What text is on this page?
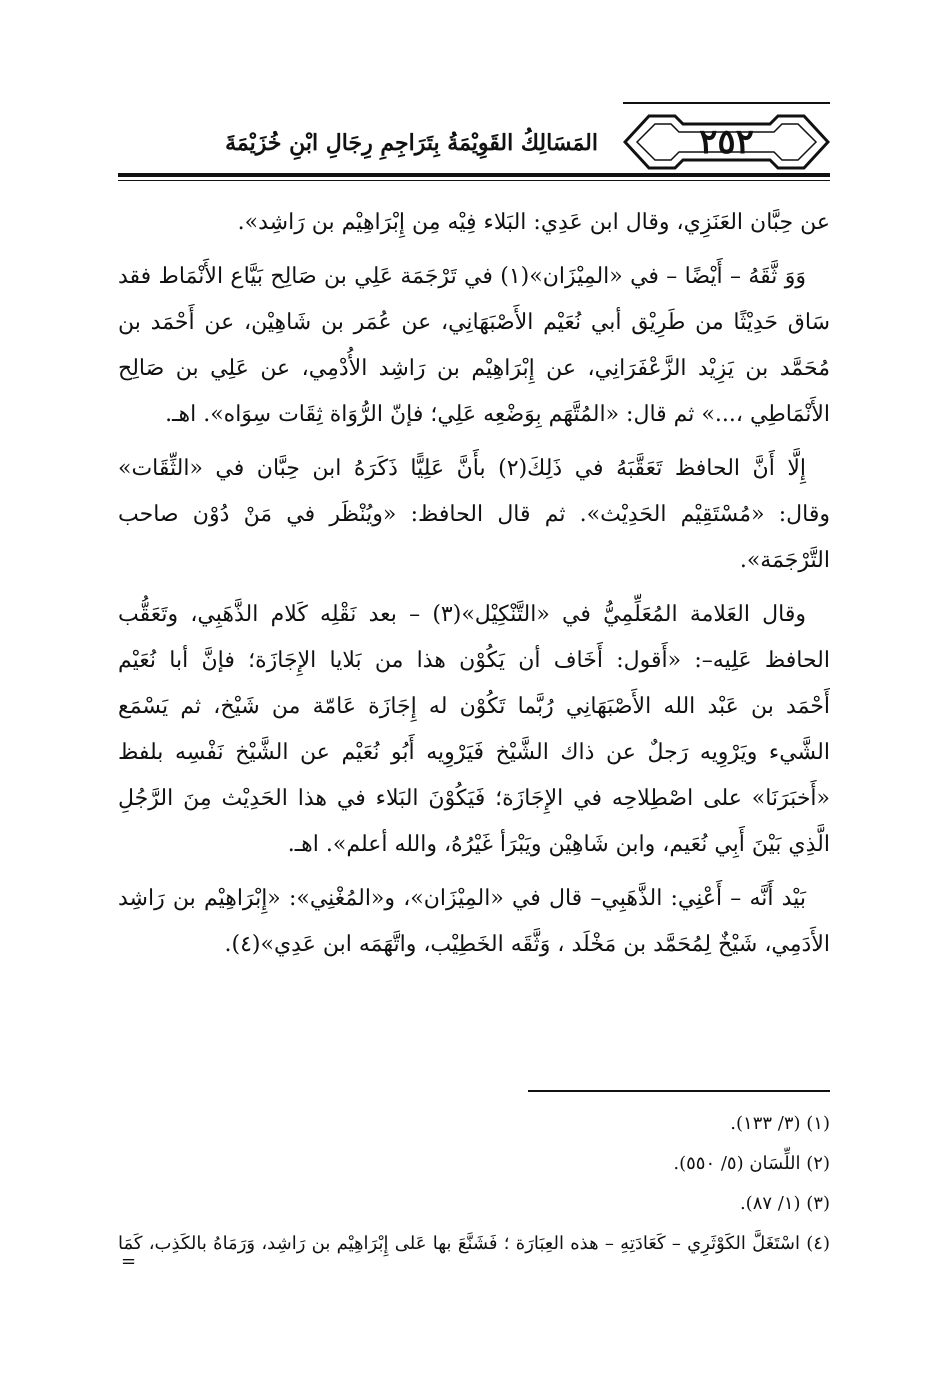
٢٥٢
المَسَالِكُ القَوِيْمَةُ بِتَرَاجِمِ رِجَالِ ابْنِ خُزَيْمَةَ
عن حِبَّان العَنَزِي، وقال ابن عَدِي: البَلاء فِيْه مِن إِبْرَاهِيْم بن رَاشِد».
وَوَ ثَّقَهُ – أَيْضًا – في «المِيْزَان»(١) في تَرْجَمَة عَلِي بن صَالِح بَيَّاع الأَنْمَاط فقد
سَاق حَدِيْثًا من طَرِيْق أبي نُعَيْم الأَصْبَهَانِي، عن عُمَر بن شَاهِيْن، عن أَحْمَد بن
مُحَمَّد بن يَزِيْد الزَّعْفَرَانِي، عن إِبْرَاهِيْم بن رَاشِد الأُدْمِي، عن عَلِي بن صَالِح
الأَنْمَاطِي ،...» ثم قال: «المُتَّهَم بِوَضْعِه عَلِي؛ فإنّ الرُّوَاة ثِقَات سِوَاه». اهـ.
إِلَّا أَنَّ الحافظ تَعَقَّبَهُ في ذَلِكَ(٢) بأَنَّ عَلِيًّا ذَكَرَهُ ابن حِبَّان في «الثِّقَات»
وقال: «مُسْتَقِيْم الحَدِيْث». ثم قال الحافظ: «ويُنْظَر في مَنْ دُوْن صاحب
التَّرْجَمَة».
وقال العَلامة المُعَلِّمِيُّ في «التَّنْكِيْل»(٣) – بعد نَقْلِه كَلام الذَّهَبِي، وتَعَقُّب
الحافظ عَلِيه–: «أَقول: أَخَاف أن يَكُوْن هذا من بَلايا الإِجَازَة؛ فإنَّ أبا نُعَيْم
أَحْمَد بن عَبْد الله الأَصْبَهَانِي رُبَّما تَكُوْن له إِجَازَة عَامّة من شَيْخ، ثم يَسْمَع
الشَّيء ويَرْوِيه رَجلٌ عن ذاك الشَّيْخ فَيَرْوِيه أَبُو نُعَيْم عن الشَّيْخ نَفْسِه بلفظ
«أَخبَرَنَا» على اصْطِلاحِه في الإِجَازَة؛ فَيَكُوْنَ البَلاء في هذا الحَدِيْث مِنَ الرَّجُلِ
الَّذِي بَيْنَ أَبِي نُعَيم، وابن شَاهِيْن ويَبْرَأ غَيْرُهُ، والله أعلم». اهـ.
بَيْد أَنَّه – أَعْنِي: الذَّهَبِي– قال في «المِيْزَان»، و«المُغْنِي»: «إِبْرَاهِيْم بن رَاشِد
الأَدَمِي، شَيْخٌ لِمُحَمَّد بن مَخْلَد ، وَثَّقَه الخَطِيْب، واتَّهَمَه ابن عَدِي»(٤).
(١) (٣/ ١٣٣).
(٢) اللِّسَان (٥/ ٥٥٠).
(٣) (١/ ٨٧).
(٤) اسْتَغَلَّ الكَوْثَرِي – كَعَادَتِهِ – هذه العِبَارَة ؛ فَشَنَّعَ بها عَلى إِبْرَاهِيْم بن رَاشِد، وَرَمَاهُ بالكَذِب، كَمَا
=
